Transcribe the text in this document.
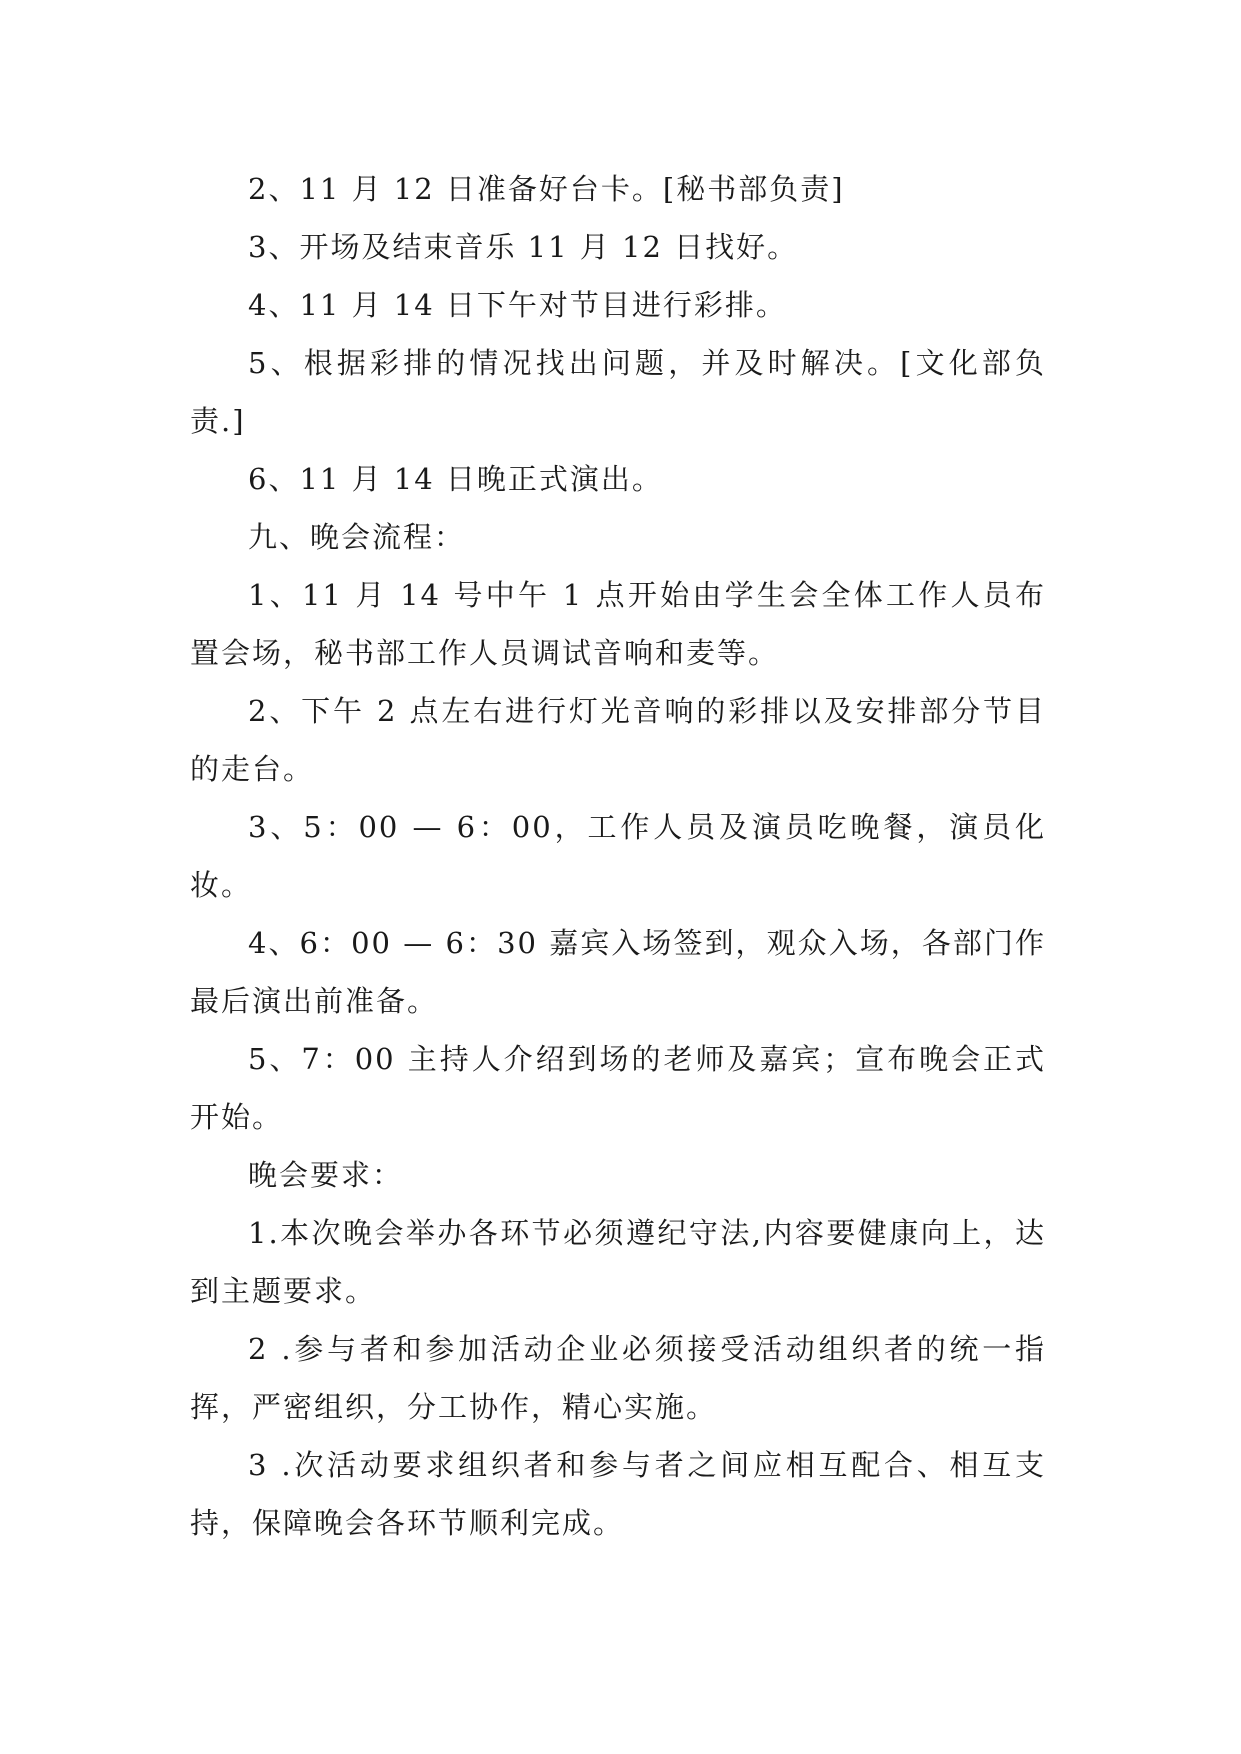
2、11 月 12 日准备好台卡。[秘书部负责]

3、开场及结束音乐 11 月 12 日找好。

4、11 月 14 日下午对节目进行彩排。

5、根据彩排的情况找出问题，并及时解决。[文化部负责.]

6、11 月 14 日晚正式演出。

九、晚会流程：

1、11 月 14 号中午 1 点开始由学生会全体工作人员布置会场，秘书部工作人员调试音响和麦等。

2、下午 2 点左右进行灯光音响的彩排以及安排部分节目的走台。

3、5：00 — 6：00，工作人员及演员吃晚餐，演员化妆。

4、6：00 — 6：30 嘉宾入场签到，观众入场，各部门作最后演出前准备。

5、7：00 主持人介绍到场的老师及嘉宾；宣布晚会正式开始。

晚会要求：

1.本次晚会举办各环节必须遵纪守法,内容要健康向上，达到主题要求。

2 .参与者和参加活动企业必须接受活动组织者的统一指挥，严密组织，分工协作，精心实施。

3 .次活动要求组织者和参与者之间应相互配合、相互支持，保障晚会各环节顺利完成。
